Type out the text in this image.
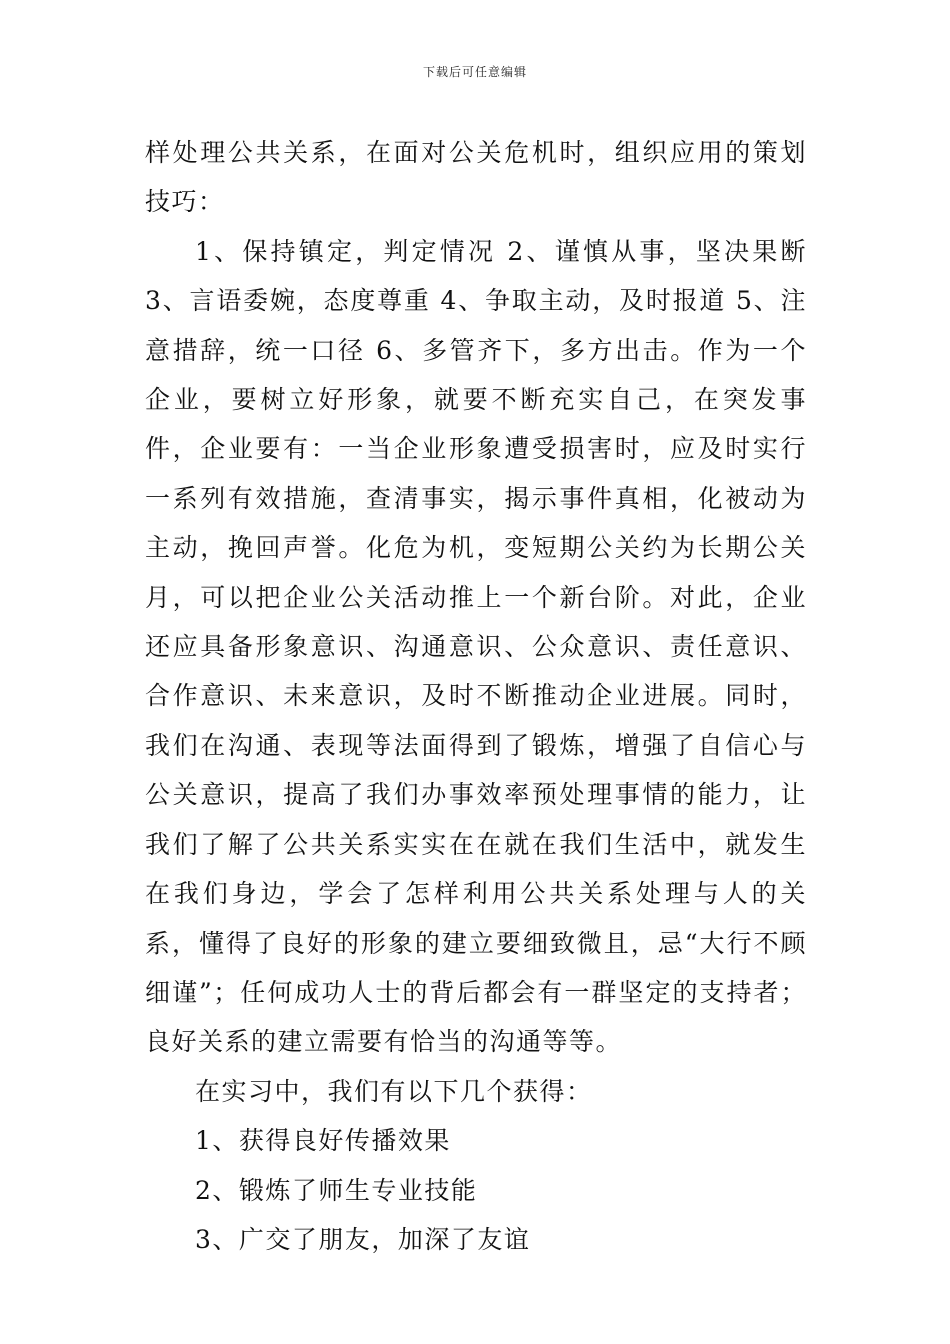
下载后可任意编辑

样处理公共关系，在面对公关危机时，组织应用的策划技巧：

1、保持镇定，判定情况 2、谨慎从事，坚决果断 3、言语委婉，态度尊重 4、争取主动，及时报道 5、注意措辞，统一口径 6、多管齐下，多方出击。作为一个企业，要树立好形象，就要不断充实自己，在突发事件，企业要有：一当企业形象遭受损害时，应及时实行一系列有效措施，查清事实，揭示事件真相，化被动为主动，挽回声誉。化危为机，变短期公关约为长期公关月，可以把企业公关活动推上一个新台阶。对此，企业还应具备形象意识、沟通意识、公众意识、责任意识、合作意识、未来意识，及时不断推动企业进展。同时，我们在沟通、表现等法面得到了锻炼，增强了自信心与公关意识，提高了我们办事效率预处理事情的能力，让我们了解了公共关系实实在在就在我们生活中，就发生在我们身边，学会了怎样利用公共关系处理与人的关系，懂得了良好的形象的建立要细致微且，忌“大行不顾细谨”；任何成功人士的背后都会有一群坚定的支持者；良好关系的建立需要有恰当的沟通等等。

在实习中，我们有以下几个获得：

1、获得良好传播效果

2、锻炼了师生专业技能

3、广交了朋友，加深了友谊
